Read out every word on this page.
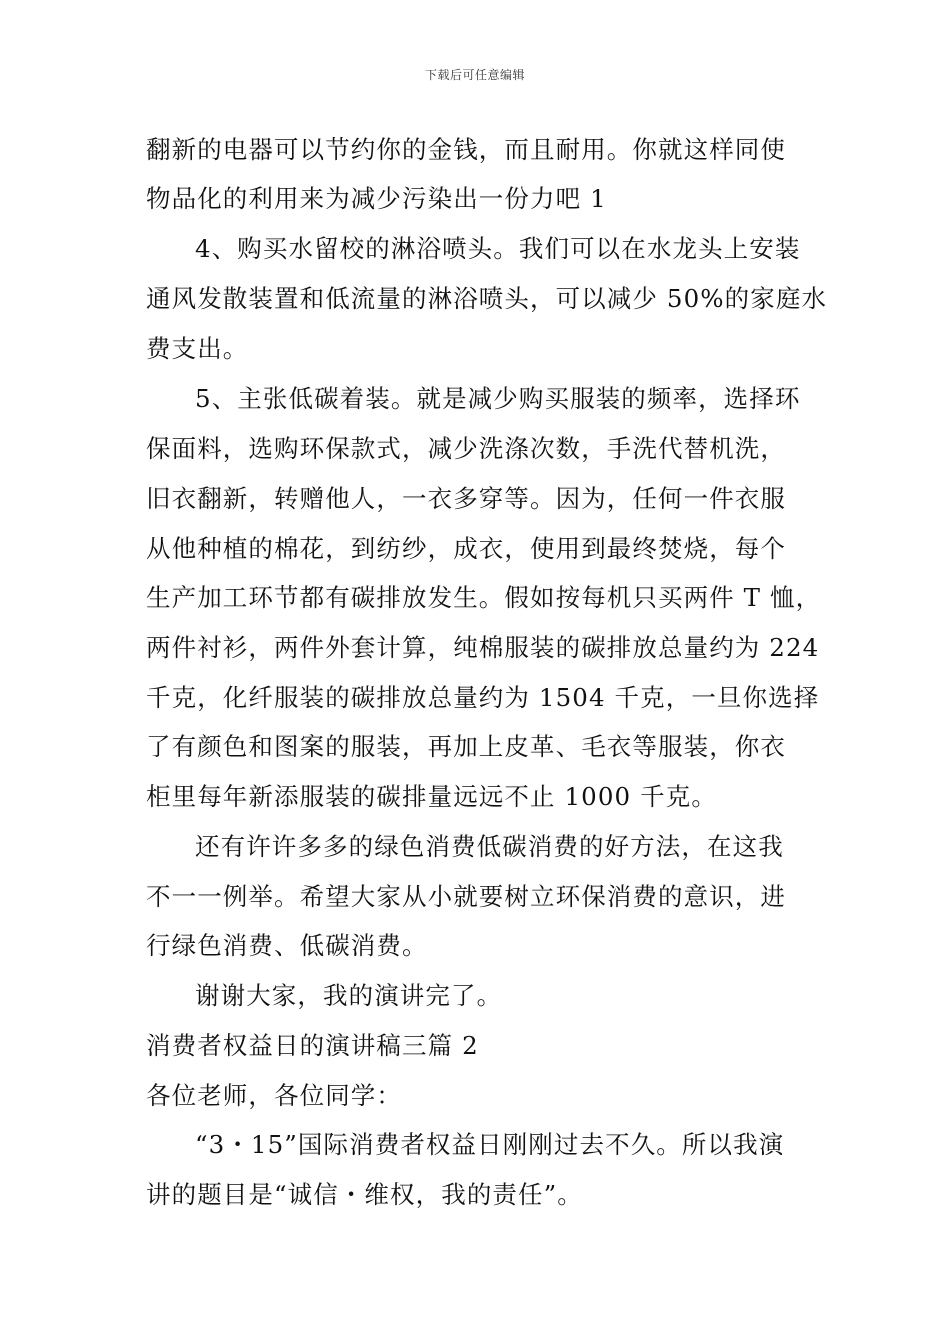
下载后可任意编辑
翻新的电器可以节约你的金钱，而且耐用。你就这样同使
物品化的利用来为减少污染出一份力吧 1
4、购买水留校的淋浴喷头。我们可以在水龙头上安装
通风发散装置和低流量的淋浴喷头，可以减少 50%的家庭水
费支出。
5、主张低碳着装。就是减少购买服装的频率，选择环
保面料，选购环保款式，减少洗涤次数，手洗代替机洗，
旧衣翻新，转赠他人，一衣多穿等。因为，任何一件衣服
从他种植的棉花，到纺纱，成衣，使用到最终焚烧，每个
生产加工环节都有碳排放发生。假如按每机只买两件 T 恤，
两件衬衫，两件外套计算，纯棉服装的碳排放总量约为 224
千克，化纤服装的碳排放总量约为 1504 千克，一旦你选择
了有颜色和图案的服装，再加上皮革、毛衣等服装，你衣
柜里每年新添服装的碳排量远远不止 1000 千克。
还有许许多多的绿色消费低碳消费的好方法，在这我
不一一例举。希望大家从小就要树立环保消费的意识，进
行绿色消费、低碳消费。
谢谢大家，我的演讲完了。
消费者权益日的演讲稿三篇 2
各位老师，各位同学：
“3・15”国际消费者权益日刚刚过去不久。所以我演
讲的题目是“诚信・维权，我的责任”。
